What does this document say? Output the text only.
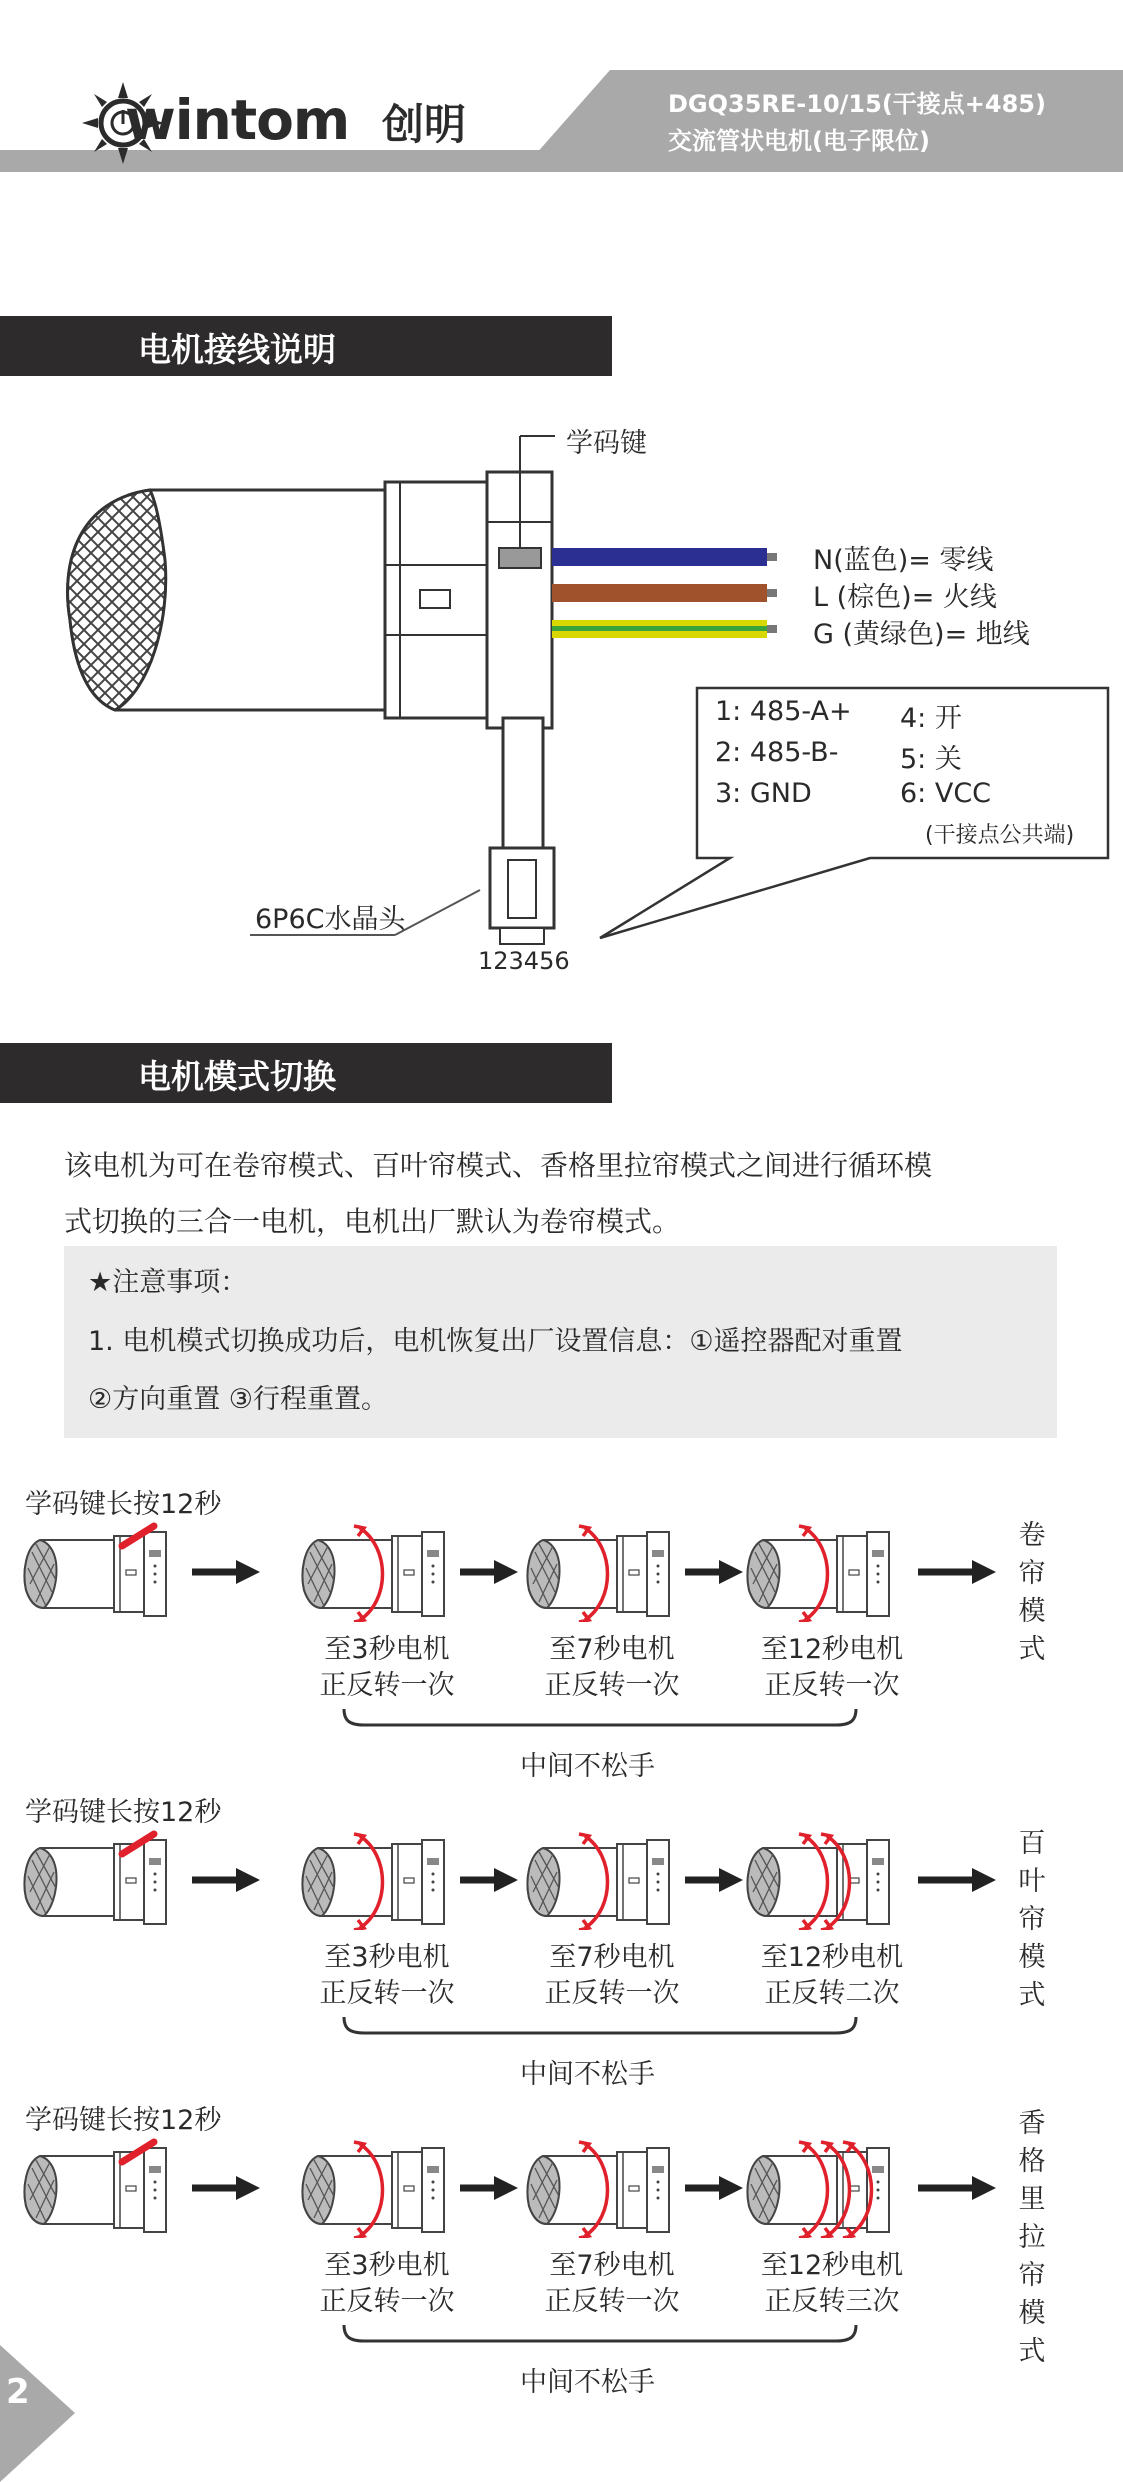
wintom 创明	DGQ35RE-10/15(干接点+485)
交流管状电机(电子限位)
电机接线说明
学码键
N(蓝色)= 零线
L (棕色)= 火线
G (黄绿色)= 地线
1: 485-A+
2: 485-B-
3: GND
4: 开
5: 关
6: VCC
(干接点公共端)
6P6C水晶头
123456
电机模式切换
该电机为可在卷帘模式、百叶帘模式、香格里拉帘模式之间进行循环模
式切换的三合一电机，电机出厂默认为卷帘模式。
★注意事项：
1. 电机模式切换成功后，电机恢复出厂设置信息：①遥控器配对重置
②方向重置 ③行程重置。
学码键长按12秒
至3秒电机
正反转一次
至7秒电机
正反转一次
至12秒电机
正反转一次
中间不松手
卷
帘
模
式
学码键长按12秒
至3秒电机
正反转一次
至7秒电机
正反转一次
至12秒电机
正反转二次
中间不松手
百
叶
帘
模
式
学码键长按12秒
至3秒电机
正反转一次
至7秒电机
正反转一次
至12秒电机
正反转三次
中间不松手
香
格
里
拉
帘
模
式
2
